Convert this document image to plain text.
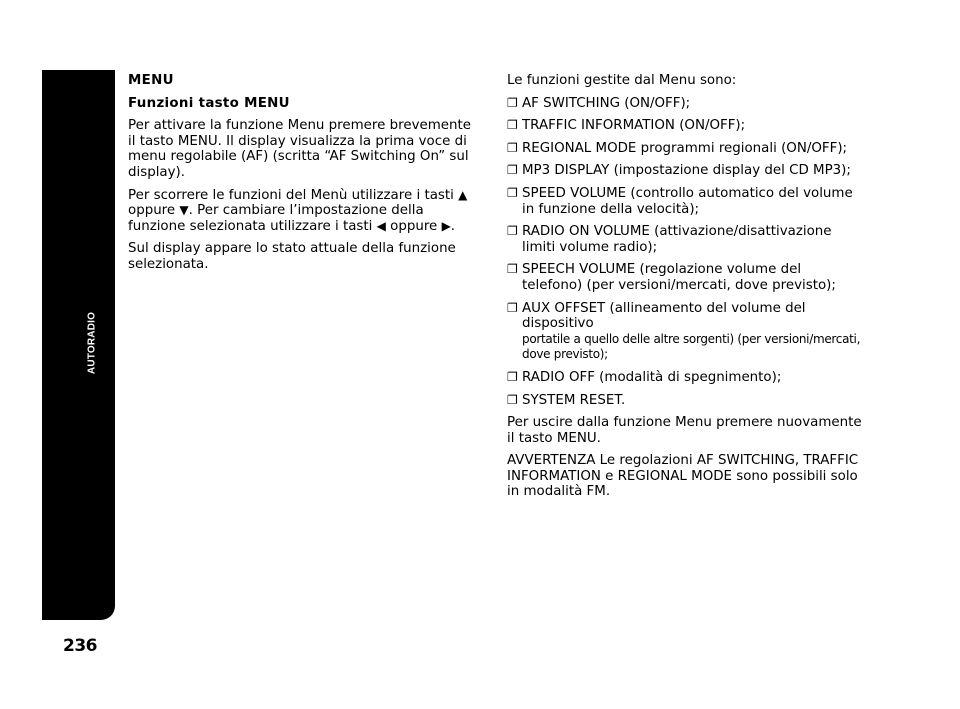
AUTORADIO
236

MENU

Funzioni tasto MENU

Per attivare la funzione Menu premere brevemente il tasto MENU. Il display visualizza la prima voce di menu regolabile (AF) (scritta “AF Switching On” sul display).

Per scorrere le funzioni del Menù utilizzare i tasti ▲ oppure ▼. Per cambiare l’impostazione della funzione selezionata utilizzare i tasti ◀ oppure ▶.

Sul display appare lo stato attuale della funzione selezionata.

Le funzioni gestite dal Menu sono:

❐ AF SWITCHING (ON/OFF);
❐ TRAFFIC INFORMATION (ON/OFF);
❐ REGIONAL MODE programmi regionali (ON/OFF);
❐ MP3 DISPLAY (impostazione display del CD MP3);
❐ SPEED VOLUME (controllo automatico del volume in funzione della velocità);
❐ RADIO ON VOLUME (attivazione/disattivazione limiti volume radio);
❐ SPEECH VOLUME (regolazione volume del telefono) (per versioni/mercati, dove previsto);
❐ AUX OFFSET (allineamento del volume del dispositivo
portatile a quello delle altre sorgenti) (per versioni/mercati, dove previsto);
❐ RADIO OFF (modalità di spegnimento);
❐ SYSTEM RESET.

Per uscire dalla funzione Menu premere nuovamente il tasto MENU.

AVVERTENZA Le regolazioni AF SWITCHING, TRAFFIC INFORMATION e REGIONAL MODE sono possibili solo in modalità FM.
